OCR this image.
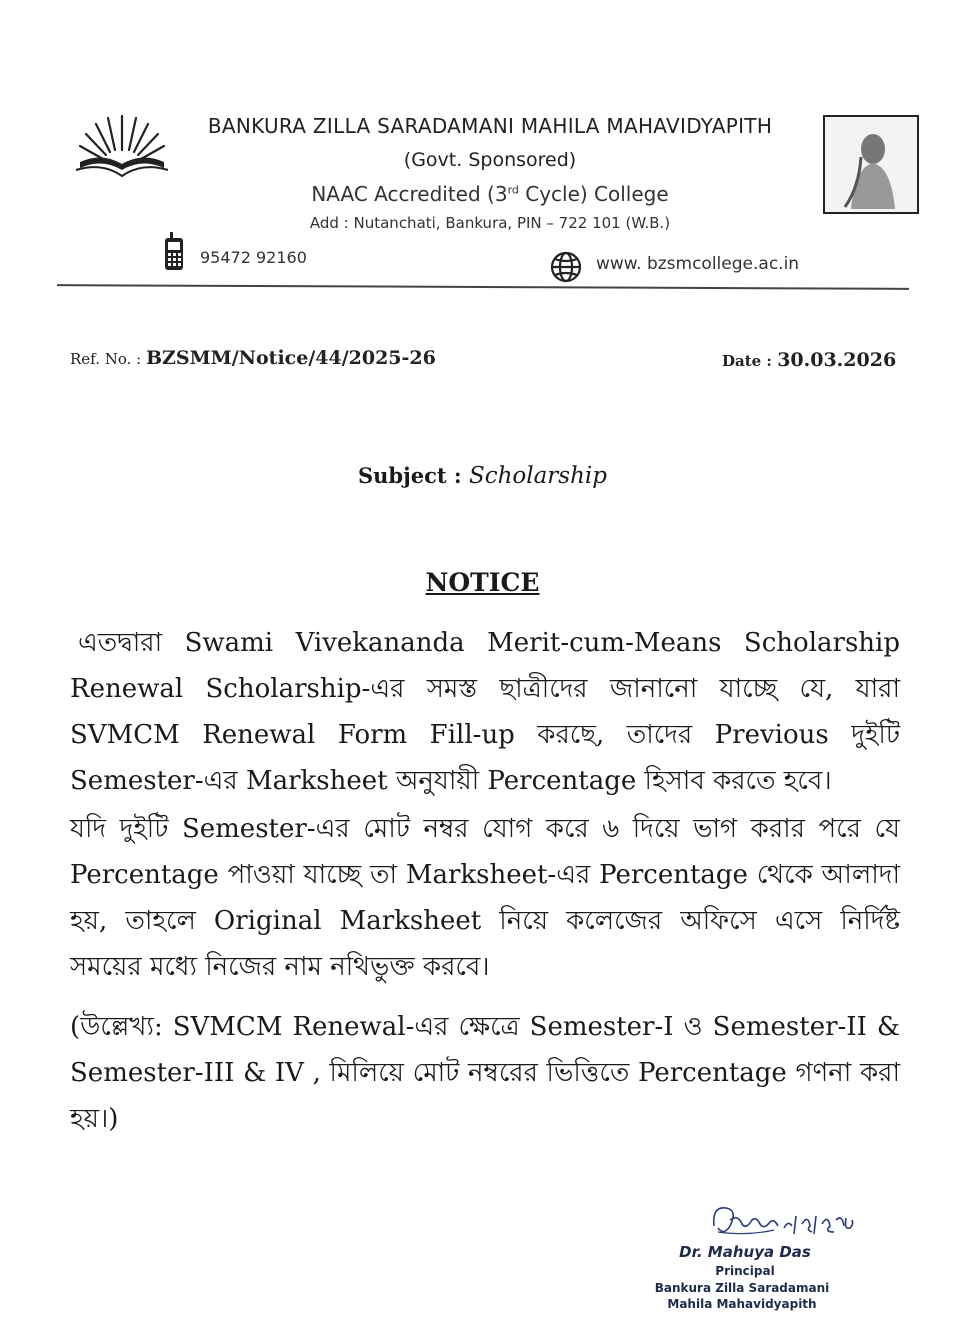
BANKURA ZILLA SARADAMANI MAHILA MAHAVIDYAPITH
(Govt. Sponsored)
NAAC Accredited (3rd Cycle) College
Add : Nutanchati, Bankura, PIN – 722 101 (W.B.)
95472 92160	www. bzsmcollege.ac.in
Ref. No. : BZSMM/Notice/44/2025-26	Date : 30.03.2026
Subject : Scholarship
NOTICE
এতদ্বারা Swami Vivekananda Merit-cum-Means Scholarship Renewal Scholarship-এর সমস্ত ছাত্রীদের জানানো যাচ্ছে যে, যারা SVMCM Renewal Form Fill-up করছে, তাদের Previous দুইটি Semester-এর Marksheet অনুযায়ী Percentage হিসাব করতে হবে।
যদি দুইটি Semester-এর মোট নম্বর যোগ করে ৬ দিয়ে ভাগ করার পরে যে Percentage পাওয়া যাচ্ছে তা Marksheet-এর Percentage থেকে আলাদা হয়, তাহলে Original Marksheet নিয়ে কলেজের অফিসে এসে নির্দিষ্ট সময়ের মধ্যে নিজের নাম নথিভুক্ত করবে।
(উল্লেখ্য: SVMCM Renewal-এর ক্ষেত্রে Semester-I ও Semester-II & Semester-III & IV , মিলিয়ে মোট নম্বরের ভিত্তিতে Percentage গণনা করা হয়।)
Dr. Mahuya Das
Principal
Bankura Zilla Saradamani
Mahila Mahavidyapith
